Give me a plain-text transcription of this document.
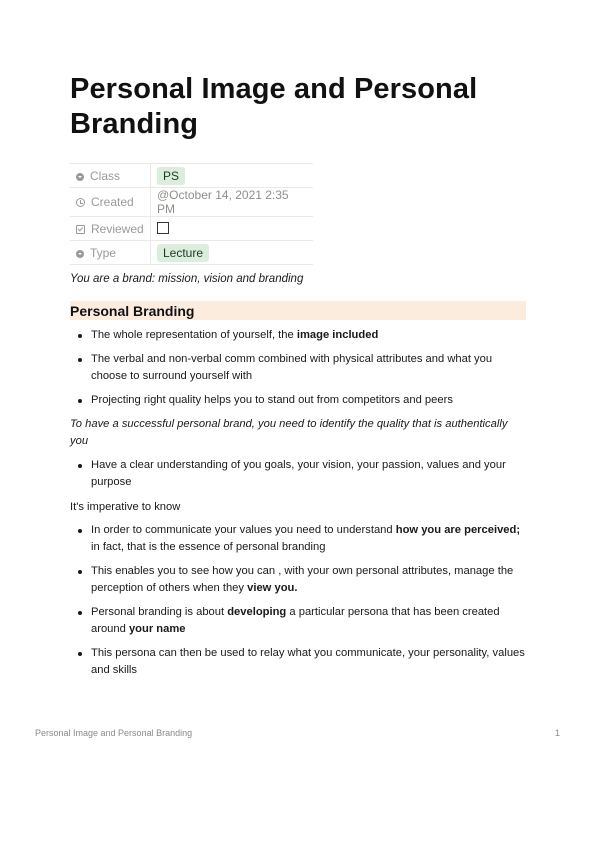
Personal Image and Personal Branding
Class	PS
Created	@October 14, 2021 2:35 PM
Reviewed	
Type	Lecture
You are a brand: mission, vision and branding
Personal Branding
The whole representation of yourself, the image included
The verbal and non-verbal comm combined with physical attributes and what you choose to surround yourself with
Projecting right quality helps you to stand out from competitors and peers
To have a successful personal brand, you need to identify the quality that is authentically you
Have a clear understanding of you goals, your vision, your passion, values and your purpose
It's imperative to know
In order to communicate your values you need to understand how you are perceived; in fact, that is the essence of personal branding
This enables you to see how you can , with your own personal attributes, manage the perception of others when they view you.
Personal branding is about developing a particular persona that has been created around your name
This persona can then be used to relay what you communicate, your personality, values and skills
Personal Image and Personal Branding	1
